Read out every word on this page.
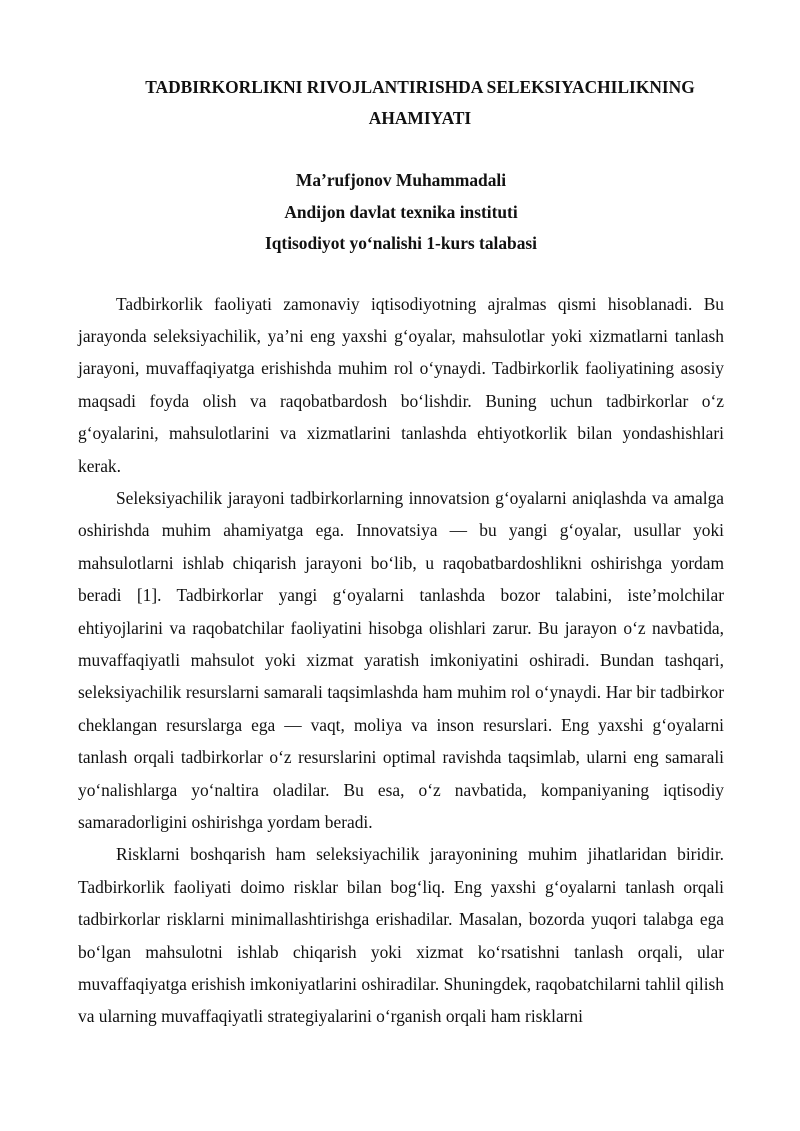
TADBIRKORLIKNI RIVOJLANTIRISHDA SELEKSIYACHILIKNING
AHAMIYATI
Ma’rufjonov Muhammadali
Andijon davlat texnika instituti
Iqtisodiyot yo‘nalishi 1-kurs talabasi

Tadbirkorlik faoliyati zamonaviy iqtisodiyotning ajralmas qismi hisoblanadi. Bu jarayonda seleksiyachilik, ya’ni eng yaxshi g‘oyalar, mahsulotlar yoki xizmatlarni tanlash jarayoni, muvaffaqiyatga erishishda muhim rol o‘ynaydi. Tadbirkorlik faoliyatining asosiy maqsadi foyda olish va raqobatbardosh bo‘lishdir. Buning uchun tadbirkorlar o‘z g‘oyalarini, mahsulotlarini va xizmatlarini tanlashda ehtiyotkorlik bilan yondashishlari kerak.

Seleksiyachilik jarayoni tadbirkorlarning innovatsion g‘oyalarni aniqlashda va amalga oshirishda muhim ahamiyatga ega. Innovatsiya — bu yangi g‘oyalar, usullar yoki mahsulotlarni ishlab chiqarish jarayoni bo‘lib, u raqobatbardoshlikni oshirishga yordam beradi [1]. Tadbirkorlar yangi g‘oyalarni tanlashda bozor talabini, iste’molchilar ehtiyojlarini va raqobatchilar faoliyatini hisobga olishlari zarur. Bu jarayon o‘z navbatida, muvaffaqiyatli mahsulot yoki xizmat yaratish imkoniyatini oshiradi. Bundan tashqari, seleksiyachilik resurslarni samarali taqsimlashda ham muhim rol o‘ynaydi. Har bir tadbirkor cheklangan resurslarga ega — vaqt, moliya va inson resurslari. Eng yaxshi g‘oyalarni tanlash orqali tadbirkorlar o‘z resurslarini optimal ravishda taqsimlab, ularni eng samarali yo‘nalishlarga yo‘naltira oladilar. Bu esa, o‘z navbatida, kompaniyaning iqtisodiy samaradorligini oshirishga yordam beradi.

Risklarni boshqarish ham seleksiyachilik jarayonining muhim jihatlaridan biridir. Tadbirkorlik faoliyati doimo risklar bilan bog‘liq. Eng yaxshi g‘oyalarni tanlash orqali tadbirkorlar risklarni minimallashtirishga erishadilar. Masalan, bozorda yuqori talabga ega bo‘lgan mahsulotni ishlab chiqarish yoki xizmat ko‘rsatishni tanlash orqali, ular muvaffaqiyatga erishish imkoniyatlarini oshiradilar. Shuningdek, raqobatchilarni tahlil qilish va ularning muvaffaqiyatli strategiyalarini o‘rganish orqali ham risklarni
